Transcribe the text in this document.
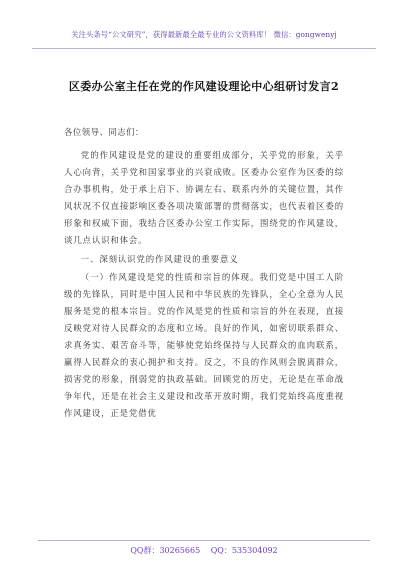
关注头条号“公文研究”，获得最新最全最专业的公文资料库！ 微信：gongwenyj
区委办公室主任在党的作风建设理论中心组研讨发言2
各位领导、同志们：
党的作风建设是党的建设的重要组成部分，关乎党的形象，关乎人心向背，关乎党和国家事业的兴衰成败。区委办公室作为区委的综合办事机构，处于承上启下、协调左右、联系内外的关键位置，其作风状况不仅直接影响区委各项决策部署的贯彻落实，也代表着区委的形象和权威下面，我结合区委办公室工作实际，围绕党的作风建设，谈几点认识和体会。
一、深刻认识党的作风建设的重要意义
（一）作风建设是党的性质和宗旨的体现。我们党是中国工人阶级的先锋队，同时是中国人民和中华民族的先锋队，全心全意为人民服务是党的根本宗旨。党的作风是党的性质和宗旨的外在表现，直接反映党对待人民群众的态度和立场。良好的作风，如密切联系群众、求真务实、艰苦奋斗等，能够使党始终保持与人民群众的血肉联系，赢得人民群众的衷心拥护和支持。反之，不良的作风则会脱离群众，损害党的形象，削弱党的执政基础。回顾党的历史，无论是在革命战争年代，还是在社会主义建设和改革开放时期，我们党始终高度重视作风建设，正是党借优
QQ群：30265665 QQ：535304092
